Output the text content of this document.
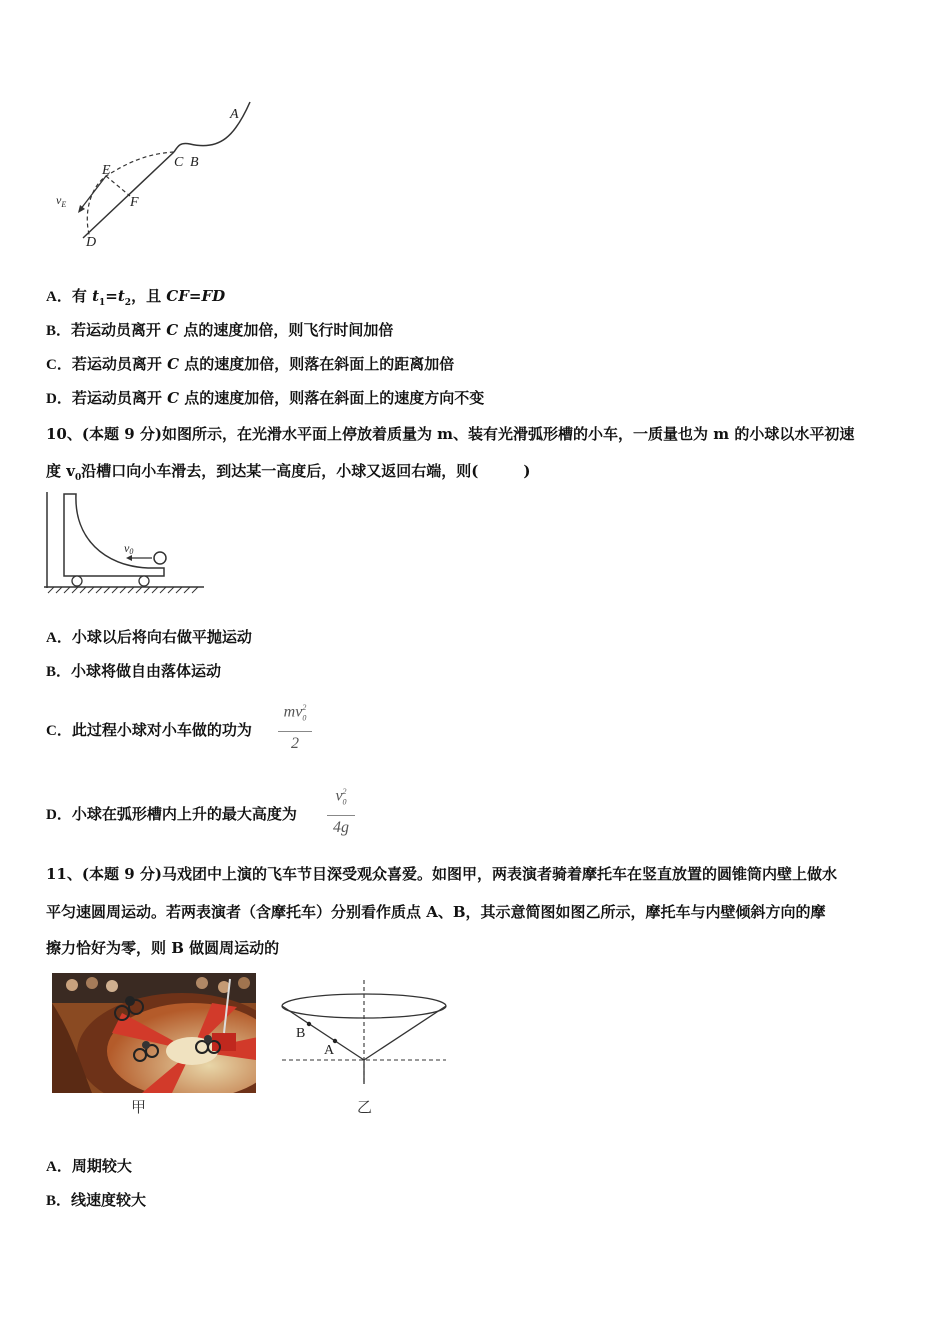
A
C B
E
F
D
$v_E$
A．有 $t_1=t_2$，且 CF=FD
B．若运动员离开 C 点的速度加倍，则飞行时间加倍
C．若运动员离开 C 点的速度加倍，则落在斜面上的距离加倍
D．若运动员离开 C 点的速度加倍，则落在斜面上的速度方向不变
10、(本题 9 分)如图所示，在光滑水平面上停放着质量为 m、装有光滑弧形槽的小车，一质量也为 m 的小球以水平初速
度 $v_0$沿槽口向小车滑去，到达某一高度后，小球又返回右端，则(　　　)
v0
A．小球以后将向右做平抛运动
B．小球将做自由落体运动
C．此过程小球对小车做的功为
$mv_0^2$
2
D．小球在弧形槽内上升的最大高度为
$v_0^2$
4g
11、(本题 9 分)马戏团中上演的飞车节目深受观众喜爱。如图甲，两表演者骑着摩托车在竖直放置的圆锥筒内壁上做水
平匀速圆周运动。若两表演者（含摩托车）分别看作质点 A、B，其示意简图如图乙所示，摩托车与内壁倾斜方向的摩
擦力恰好为零，则 B 做圆周运动的
甲
B
A
乙
A．周期较大
B．线速度较大
